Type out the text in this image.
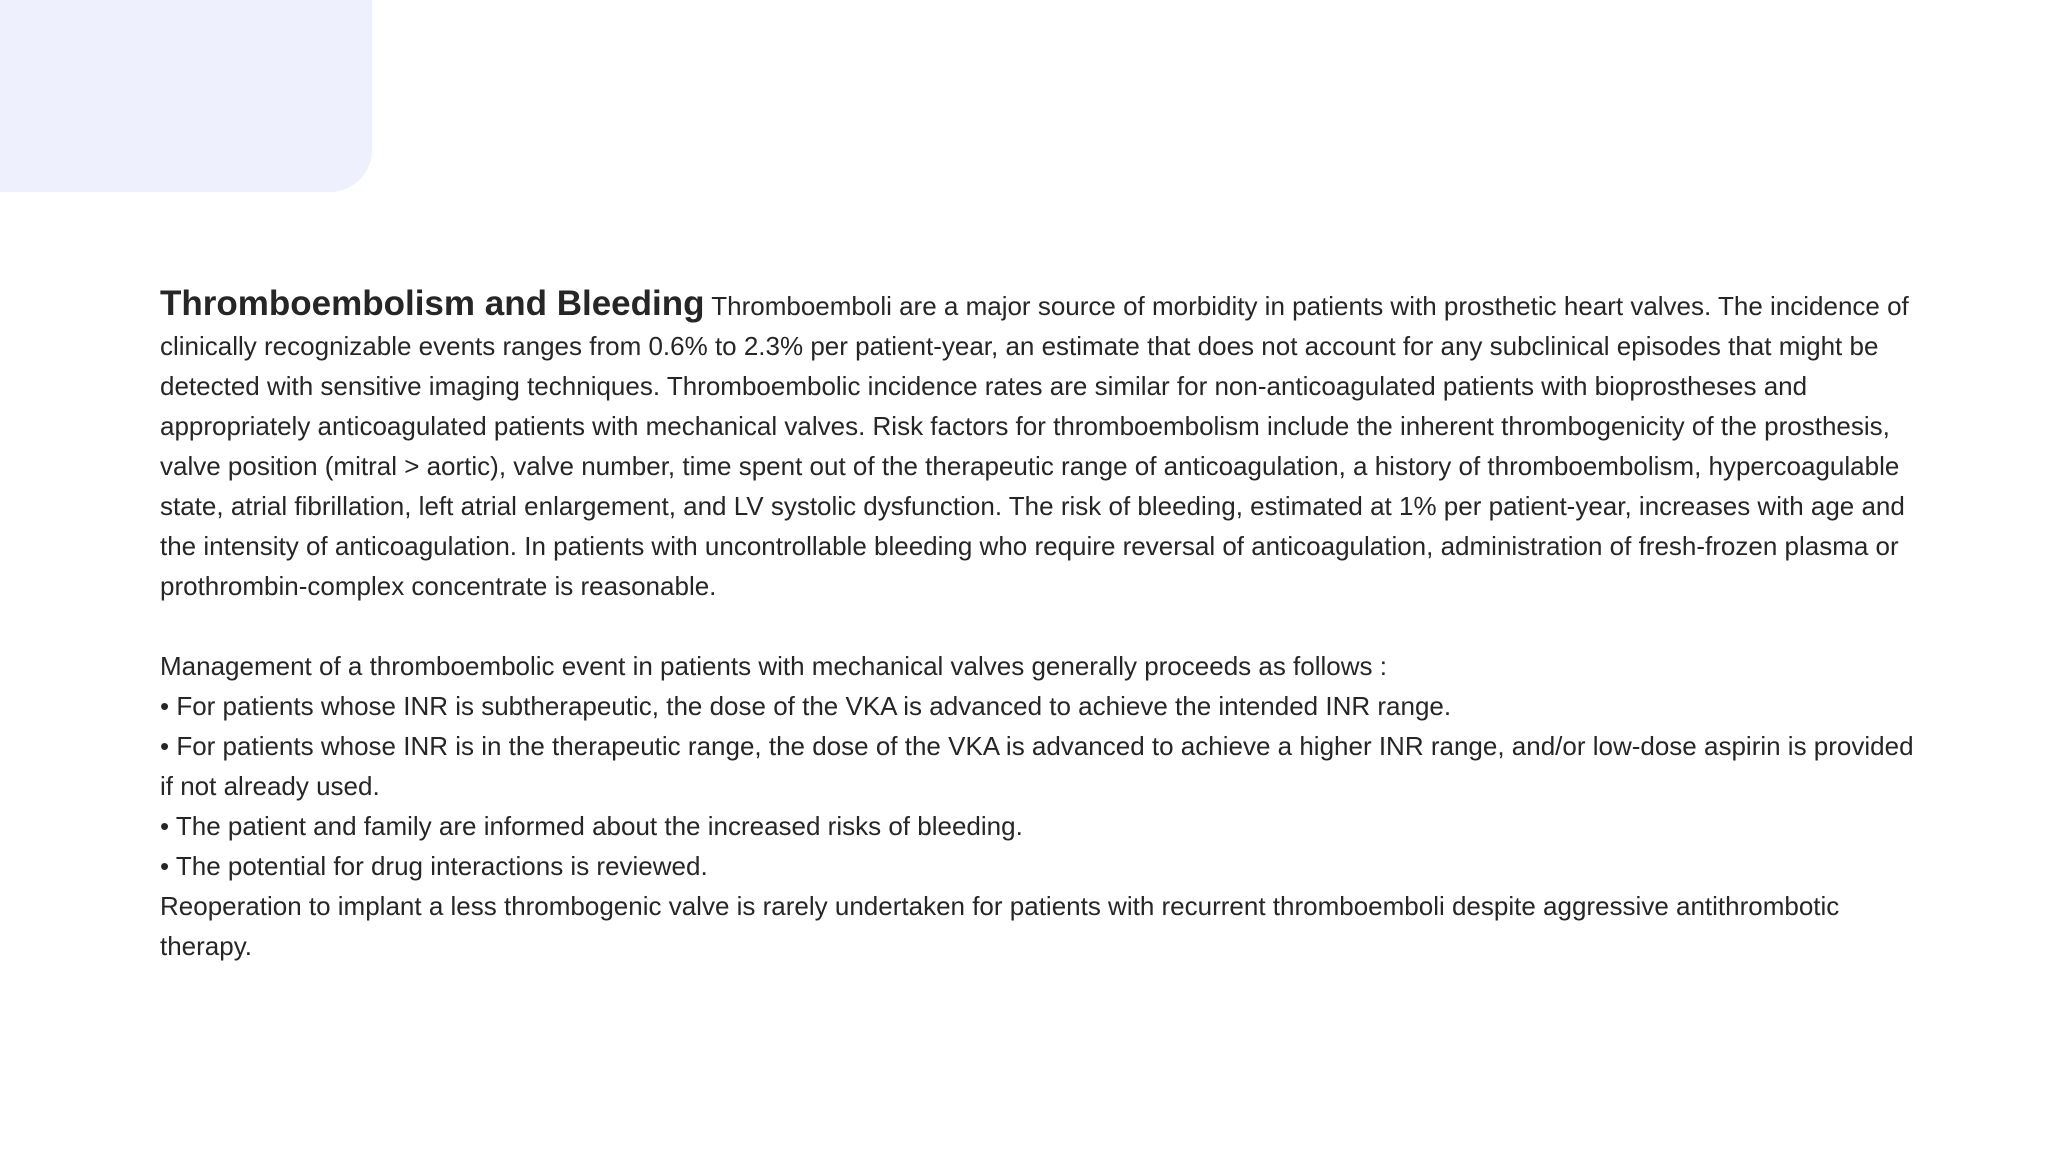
Thromboembolism and Bleeding Thromboemboli are a major source of morbidity in patients with prosthetic heart valves. The incidence of clinically recognizable events ranges from 0.6% to 2.3% per patient-year, an estimate that does not account for any subclinical episodes that might be detected with sensitive imaging techniques. Thromboembolic incidence rates are similar for non-anticoagulated patients with bioprostheses and appropriately anticoagulated patients with mechanical valves. Risk factors for thromboembolism include the inherent thrombogenicity of the prosthesis, valve position (mitral > aortic), valve number, time spent out of the therapeutic range of anticoagulation, a history of thromboembolism, hypercoagulable state, atrial fibrillation, left atrial enlargement, and LV systolic dysfunction. The risk of bleeding, estimated at 1% per patient-year, increases with age and the intensity of anticoagulation. In patients with uncontrollable bleeding who require reversal of anticoagulation, administration of fresh-frozen plasma or prothrombin-complex concentrate is reasonable.

Management of a thromboembolic event in patients with mechanical valves generally proceeds as follows :

• For patients whose INR is subtherapeutic, the dose of the VKA is advanced to achieve the intended INR range.

• For patients whose INR is in the therapeutic range, the dose of the VKA is advanced to achieve a higher INR range, and/or low-dose aspirin is provided if not already used.

• The patient and family are informed about the increased risks of bleeding.

• The potential for drug interactions is reviewed.

Reoperation to implant a less thrombogenic valve is rarely undertaken for patients with recurrent thromboemboli despite aggressive antithrombotic therapy.
